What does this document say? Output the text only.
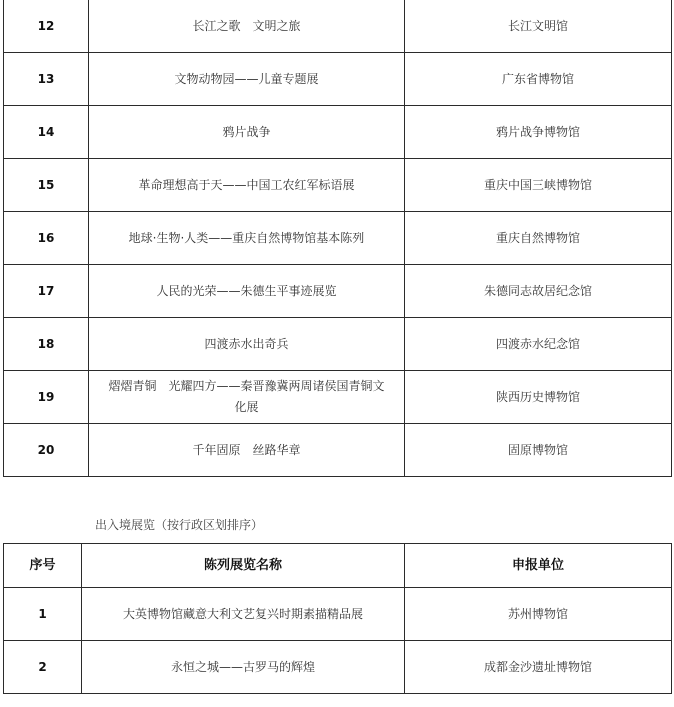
12	长江之歌　文明之旅	长江文明馆
13	文物动物园——儿童专题展	广东省博物馆
14	鸦片战争	鸦片战争博物馆
15	革命理想高于天——中国工农红军标语展	重庆中国三峡博物馆
16	地球·生物·人类——重庆自然博物馆基本陈列	重庆自然博物馆
17	人民的光荣——朱德生平事迹展览	朱德同志故居纪念馆
18	四渡赤水出奇兵	四渡赤水纪念馆
19	熠熠青铜　光耀四方——秦晋豫冀两周诸侯国青铜文化展	陕西历史博物馆
20	千年固原　丝路华章	固原博物馆
出入境展览（按行政区划排序）
序号	陈列展览名称	申报单位
1	大英博物馆藏意大利文艺复兴时期素描精品展	苏州博物馆
2	永恒之城——古罗马的辉煌	成都金沙遗址博物馆
